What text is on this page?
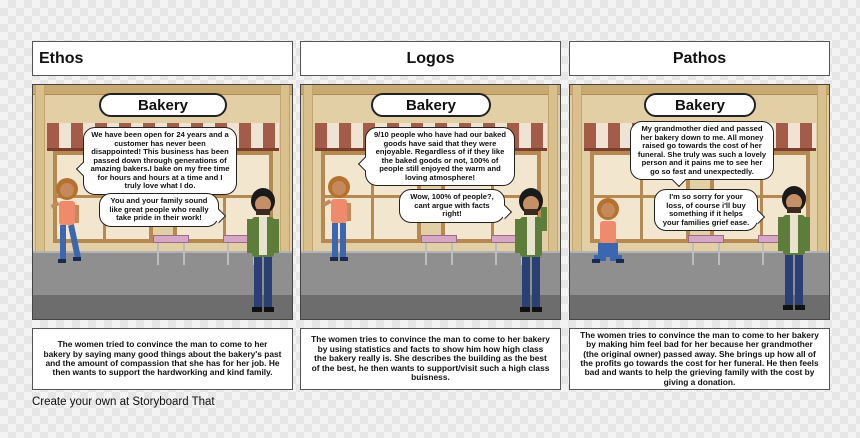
Ethos	Logos	Pathos
Bakery
We have been open for 24 years and a customer has never been disappointed! This business has been passed down through generations of amazing bakers.I bake on my free time for hours and hours at a time and I truly love what I do.
You and your family sound like great people who really take pride in their work!
Bakery
9/10 people who have had our baked goods have said that they were enjoyable. Regardless of if they like the baked goods or not, 100% of people still enjoyed the warm and loving atmosphere!
Wow, 100% of people?, cant argue with facts right!
Bakery
My grandmother died and passed her bakery down to me. All money raised go towards the cost of her funeral. She truly was such a lovely person and it pains me to see her go so fast and unexpectedly.
I'm so sorry for your loss, of course i'll buy something if it helps your families grief ease.
The women tried to convince the man to come to her bakery by saying many good things about the bakery's past and the amount of compassion that she has for her job. He then wants to support the hardworking and kind family.
The women tries to convince the man to come to her bakery by using statistics and facts to show him how high class the bakery really is. She describes the building as the best of the best, he then wants to support/visit such a high class buisness.
The women tries to convince the man to come to her bakery by making him feel bad for her because her grandmother (the original owner) passed away. She brings up how all of the profits go towards the cost for her funeral. He then feels bad and wants to help the grieving family with the cost by giving a donation.
Create your own at Storyboard That
